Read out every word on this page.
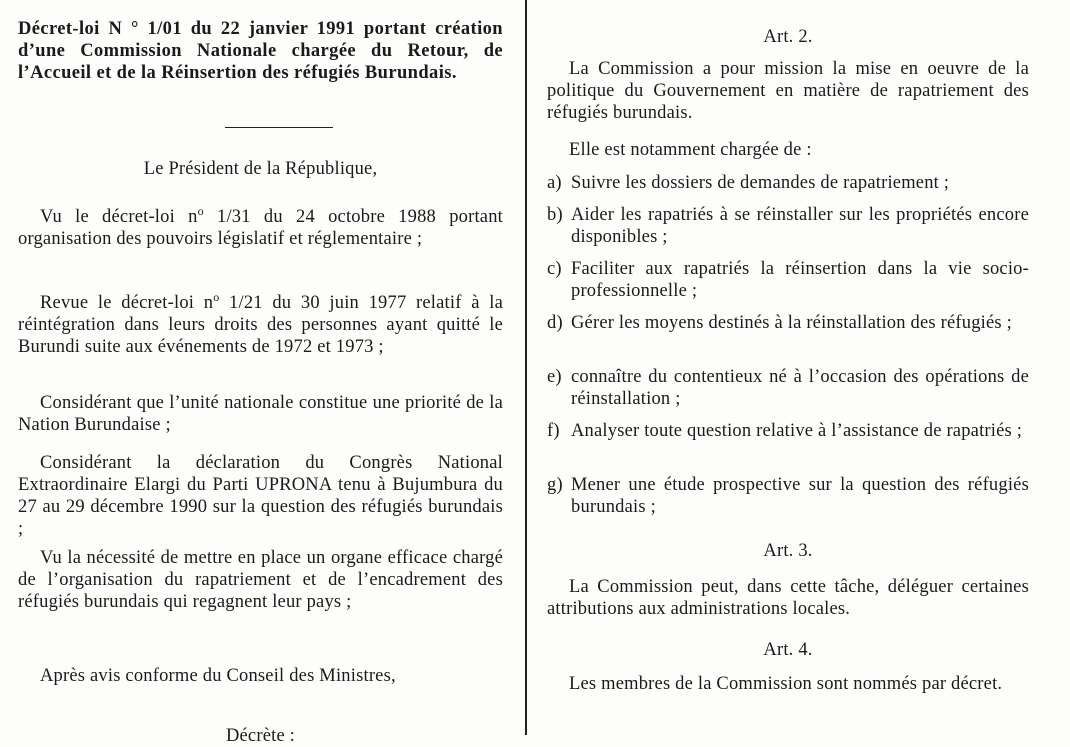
Décret-loi N ° 1/01 du 22 janvier 1991 portant création d’une Commission Nationale chargée du Retour, de l’Accueil et de la Réinsertion des réfugiés Burundais.

Le Président de la République,

Vu le décret-loi $n^o$ 1/31 du 24 octobre 1988 portant organisation des pouvoirs législatif et réglementaire ;

Revue le décret-loi $n^o$ 1/21 du 30 juin 1977 relatif à la réintégration dans leurs droits des personnes ayant quitté le Burundi suite aux événements de 1972 et 1973 ;

Considérant que l’unité nationale constitue une priorité de la Nation Burundaise ;

Considérant la déclaration du Congrès National Extraordinaire Elargi du Parti UPRONA tenu à Bujumbura du 27 au 29 décembre 1990 sur la question des réfugiés burundais ;

Vu la nécessité de mettre en place un organe efficace chargé de l’organisation du rapatriement et de l’encadrement des réfugiés burundais qui regagnent leur pays ;

Après avis conforme du Conseil des Ministres,

Décrète :

Art. 2.

La Commission a pour mission la mise en oeuvre de la politique du Gouvernement en matière de rapatriement des réfugiés burundais.

Elle est notamment chargée de :

a) Suivre les dossiers de demandes de rapatriement ;

b) Aider les rapatriés à se réinstaller sur les propriétés encore disponibles ;

c) Faciliter aux rapatriés la réinsertion dans la vie socio-professionnelle ;

d) Gérer les moyens destinés à la réinstallation des réfugiés ;

e) connaître du contentieux né à l’occasion des opérations de réinstallation ;

f) Analyser toute question relative à l’assistance de rapatriés ;

g) Mener une étude prospective sur la question des réfugiés burundais ;

Art. 3.

La Commission peut, dans cette tâche, déléguer certaines attributions aux administrations locales.

Art. 4.

Les membres de la Commission sont nommés par décret.
